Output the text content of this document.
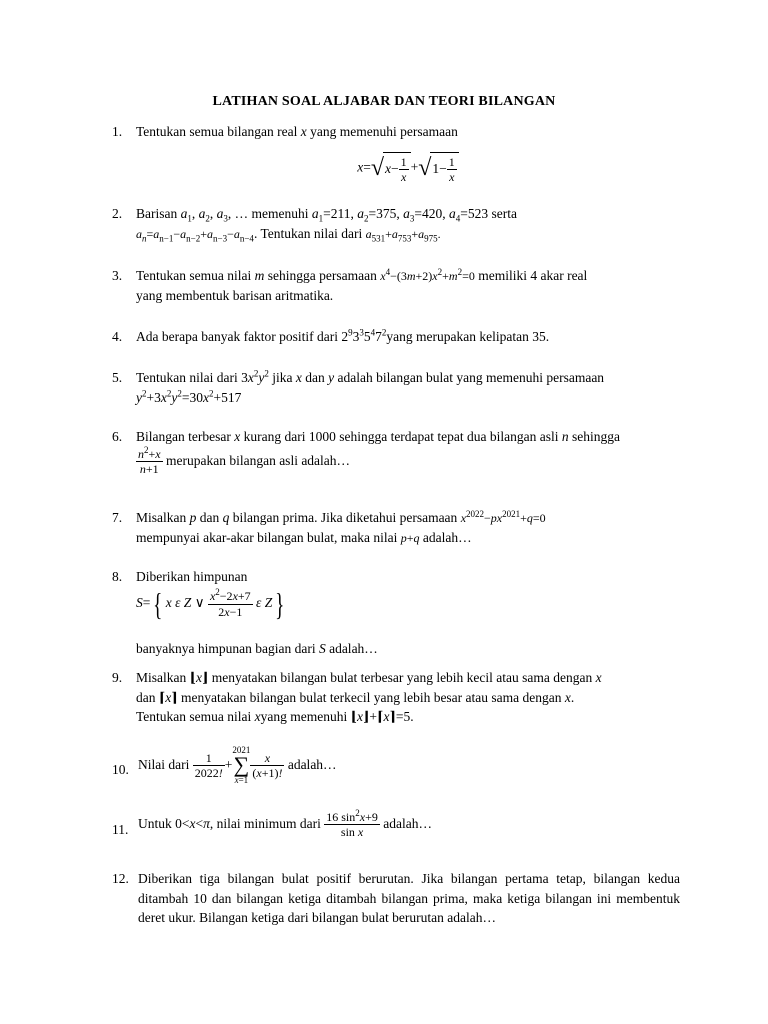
LATIHAN SOAL ALJABAR DAN TEORI BILANGAN
1.	Tentukan semua bilangan real x yang memenuhi persamaan
$x=√x- \frac{1}{x} +√1- \frac{1}{x}$
2.	Barisan $a_1$, $a_2$, $a_3$, … memenuhi $a_1=211$, $a_2=375$, $a_3=420$, $a_4=523$ serta
$a_n=a_{n-1}-a_{n-2}+a_{n-3}-a_{n-4}$. Tentukan nilai dari $a_{531}+a_{753}+a_{975}$.
3.	Tentukan semua nilai m sehingga persamaan $x^4-(3m+2)x^2+m^2=0$ memiliki 4 akar real
yang membentuk barisan aritmatika.
4.	Ada berapa banyak faktor positif dari $2^93^35^47^2yang$ merupakan kelipatan 35.
5.	Tentukan nilai dari $3x^2y^2$ jika x dan y adalah bilangan bulat yang memenuhi persamaan
$y^2+3x^2y^2=30x^2+517$
6.	Bilangan terbesar x kurang dari 1000 sehingga terdapat tepat dua bilangan asli n sehingga

$\frac{n^2+x}{n+1}$ merupakan bilangan asli adalah…
7.	Misalkan p dan q bilangan prima. Jika diketahui persamaan $x^{2022}-px^{2021}+q=0$
mempunyai akar-akar bilangan bulat, maka nilai p+q adalah…
8.	Diberikan himpunan
S={ x ε Z ∨ $\frac{x^2-2x+7}{2x-1}$ ε Z}
banyaknya himpunan bagian dari S adalah…
9.	Misalkan ⌊x⌋ menyatakan bilangan bulat terbesar yang lebih kecil atau sama dengan x
dan ⌈x⌉ menyatakan bilangan bulat terkecil yang lebih besar atau sama dengan x.
Tentukan semua nilai xyang memenuhi ⌊x⌋+⌈x⌉=5.
10. Nilai dari $\frac{1}{2022!} +2021$
∑
$x=1 \frac{x}{(x+1)!}$ adalah…
11. Untuk 0<x<π, nilai minimum dari $\frac{16 \sin^2x+9}{\text{sin x}}$ adalah…
12. Diberikan tiga bilangan bulat positif berurutan. Jika bilangan pertama tetap, bilangan kedua ditambah 10 dan bilangan ketiga ditambah bilangan prima, maka ketiga bilangan ini membentuk deret ukur. Bilangan ketiga dari bilangan bulat berurutan adalah…
